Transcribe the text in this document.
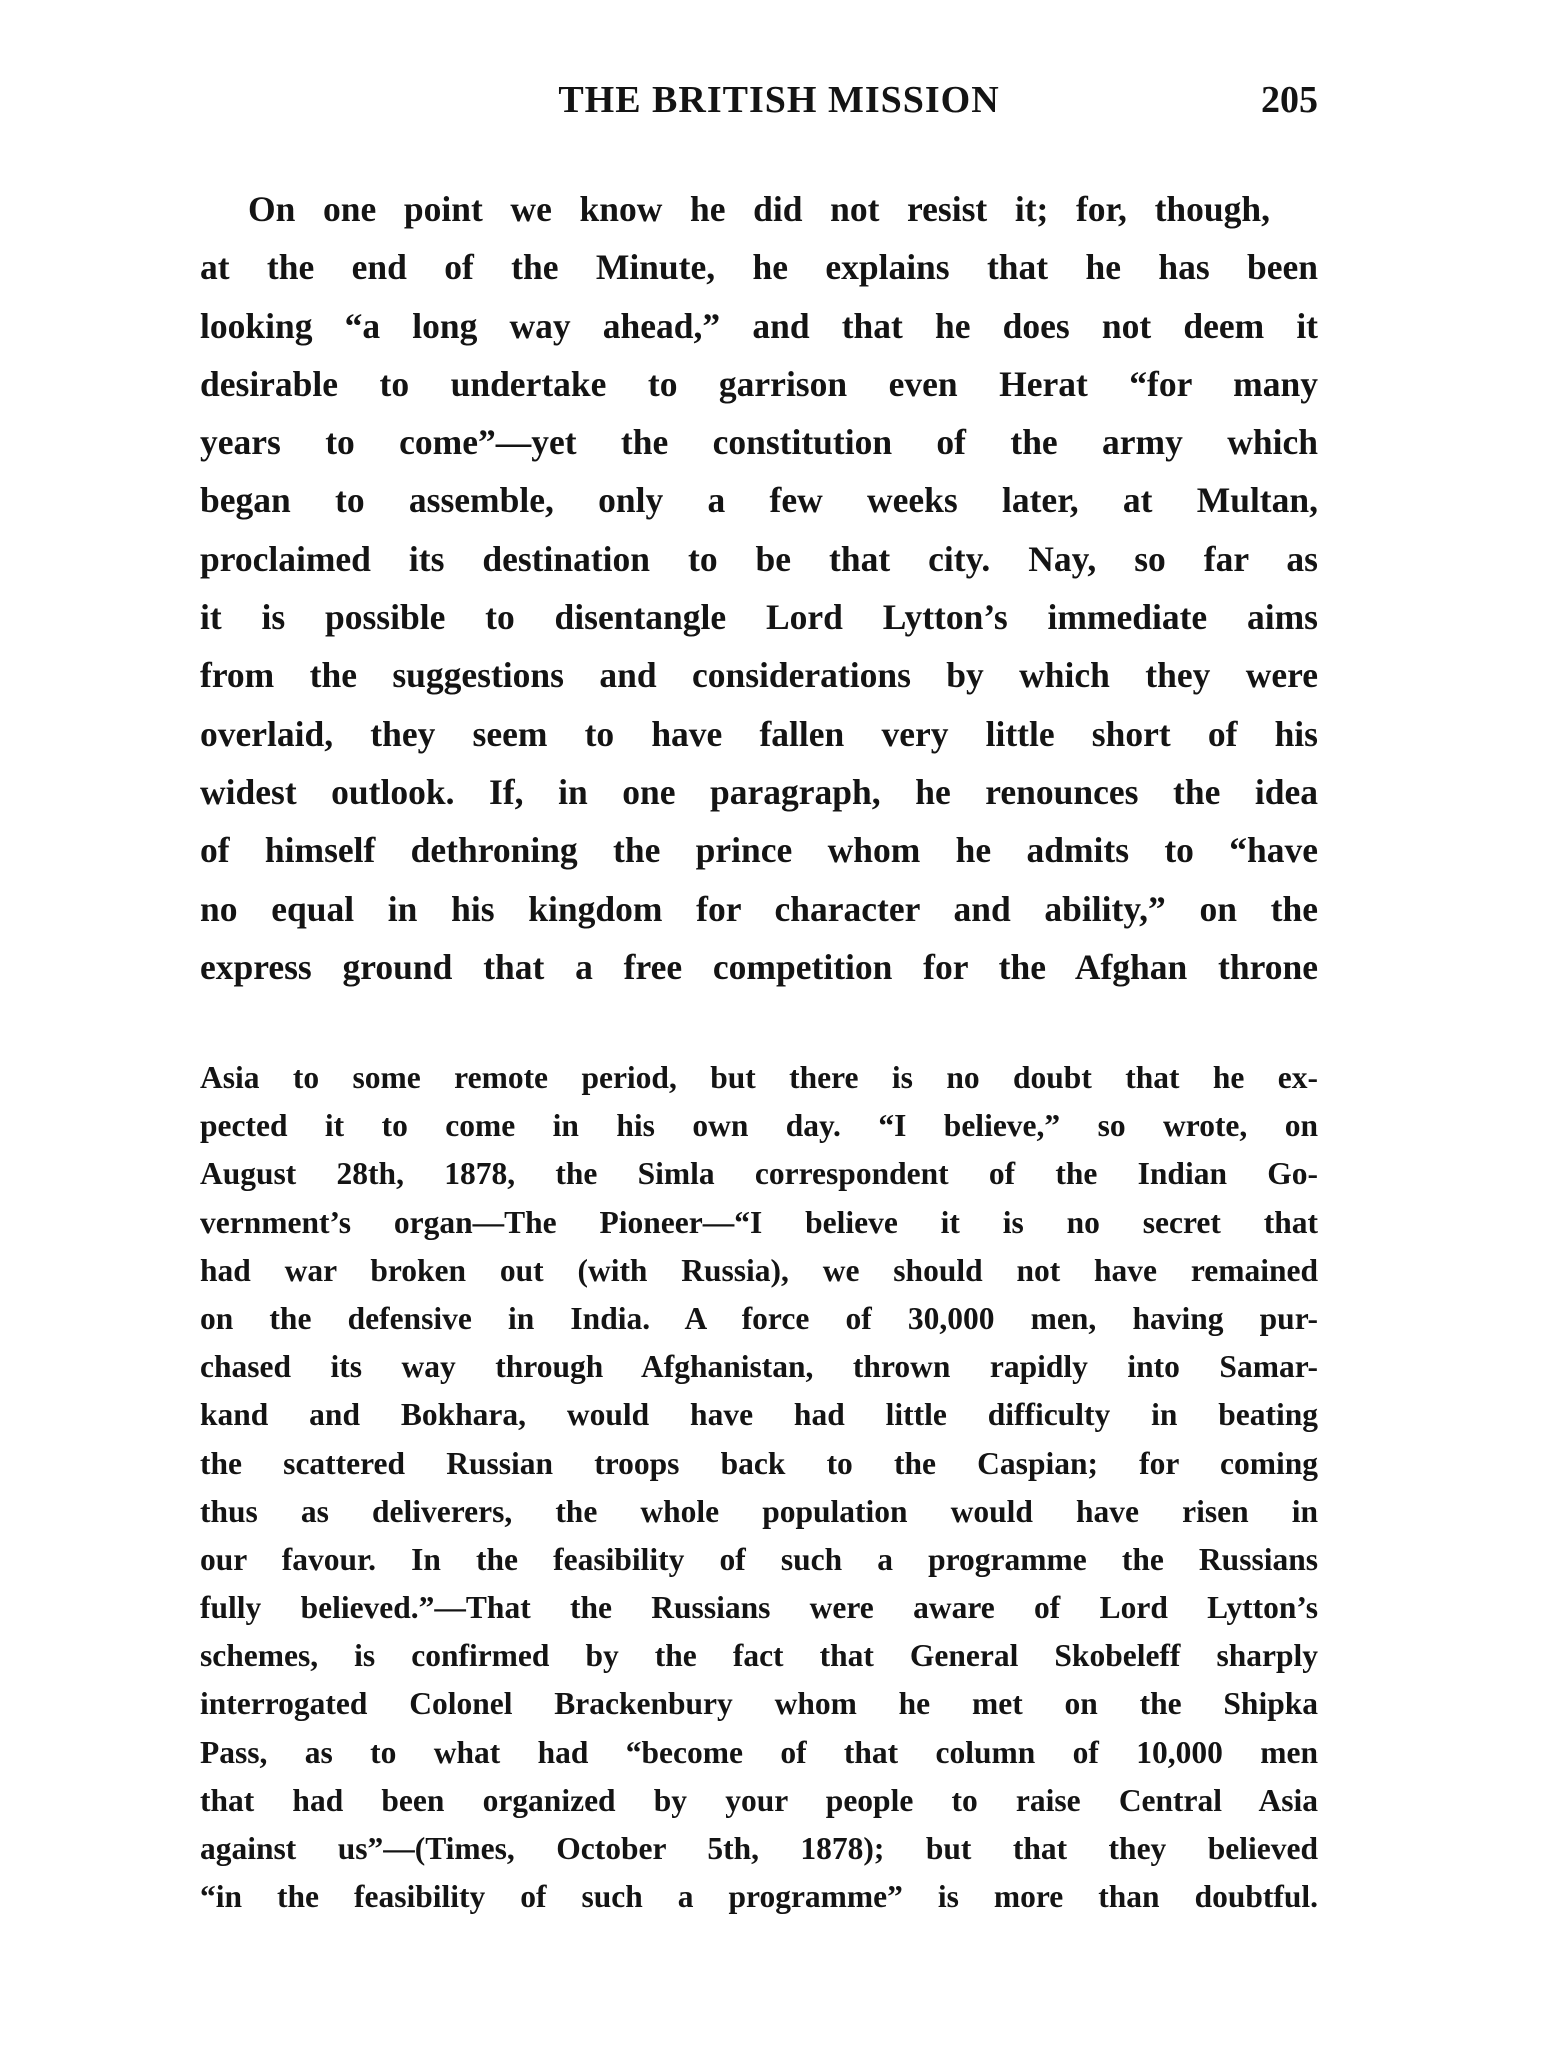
THE BRITISH MISSION	205
On one point we know he did not resist it; for, though,
at the end of the Minute, he explains that he has been
looking “a long way ahead,” and that he does not deem it
desirable to undertake to garrison even Herat “for many
years to come”—yet the constitution of the army which
began to assemble, only a few weeks later, at Multan,
proclaimed its destination to be that city. Nay, so far as
it is possible to disentangle Lord Lytton’s immediate aims
from the suggestions and considerations by which they were
overlaid, they seem to have fallen very little short of his
widest outlook. If, in one paragraph, he renounces the idea
of himself dethroning the prince whom he admits to “have
no equal in his kingdom for character and ability,” on the
express ground that a free competition for the Afghan throne
Asia to some remote period, but there is no doubt that he ex-
pected it to come in his own day. “I believe,” so wrote, on
August 28th, 1878, the Simla correspondent of the Indian Go-
vernment’s organ—The Pioneer—“I believe it is no secret that
had war broken out (with Russia), we should not have remained
on the defensive in India. A force of 30,000 men, having pur-
chased its way through Afghanistan, thrown rapidly into Samar-
kand and Bokhara, would have had little difficulty in beating
the scattered Russian troops back to the Caspian; for coming
thus as deliverers, the whole population would have risen in
our favour. In the feasibility of such a programme the Russians
fully believed.”—That the Russians were aware of Lord Lytton’s
schemes, is confirmed by the fact that General Skobeleff sharply
interrogated Colonel Brackenbury whom he met on the Shipka
Pass, as to what had “become of that column of 10,000 men
that had been organized by your people to raise Central Asia
against us”—(Times, October 5th, 1878); but that they believed
“in the feasibility of such a programme” is more than doubtful.
